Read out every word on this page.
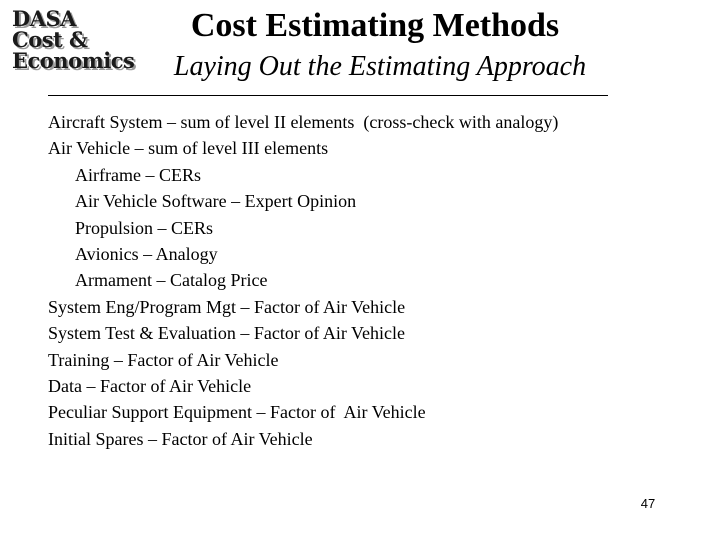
DASA
Cost &
Economics
Cost Estimating Methods
Laying Out the Estimating Approach
Aircraft System – sum of level II elements  (cross-check with analogy)
Air Vehicle – sum of level III elements
Airframe – CERs
Air Vehicle Software – Expert Opinion
Propulsion – CERs
Avionics – Analogy
Armament – Catalog Price
System Eng/Program Mgt – Factor of Air Vehicle
System Test & Evaluation – Factor of Air Vehicle
Training – Factor of Air Vehicle
Data – Factor of Air Vehicle
Peculiar Support Equipment – Factor of  Air Vehicle
Initial Spares – Factor of Air Vehicle
47
